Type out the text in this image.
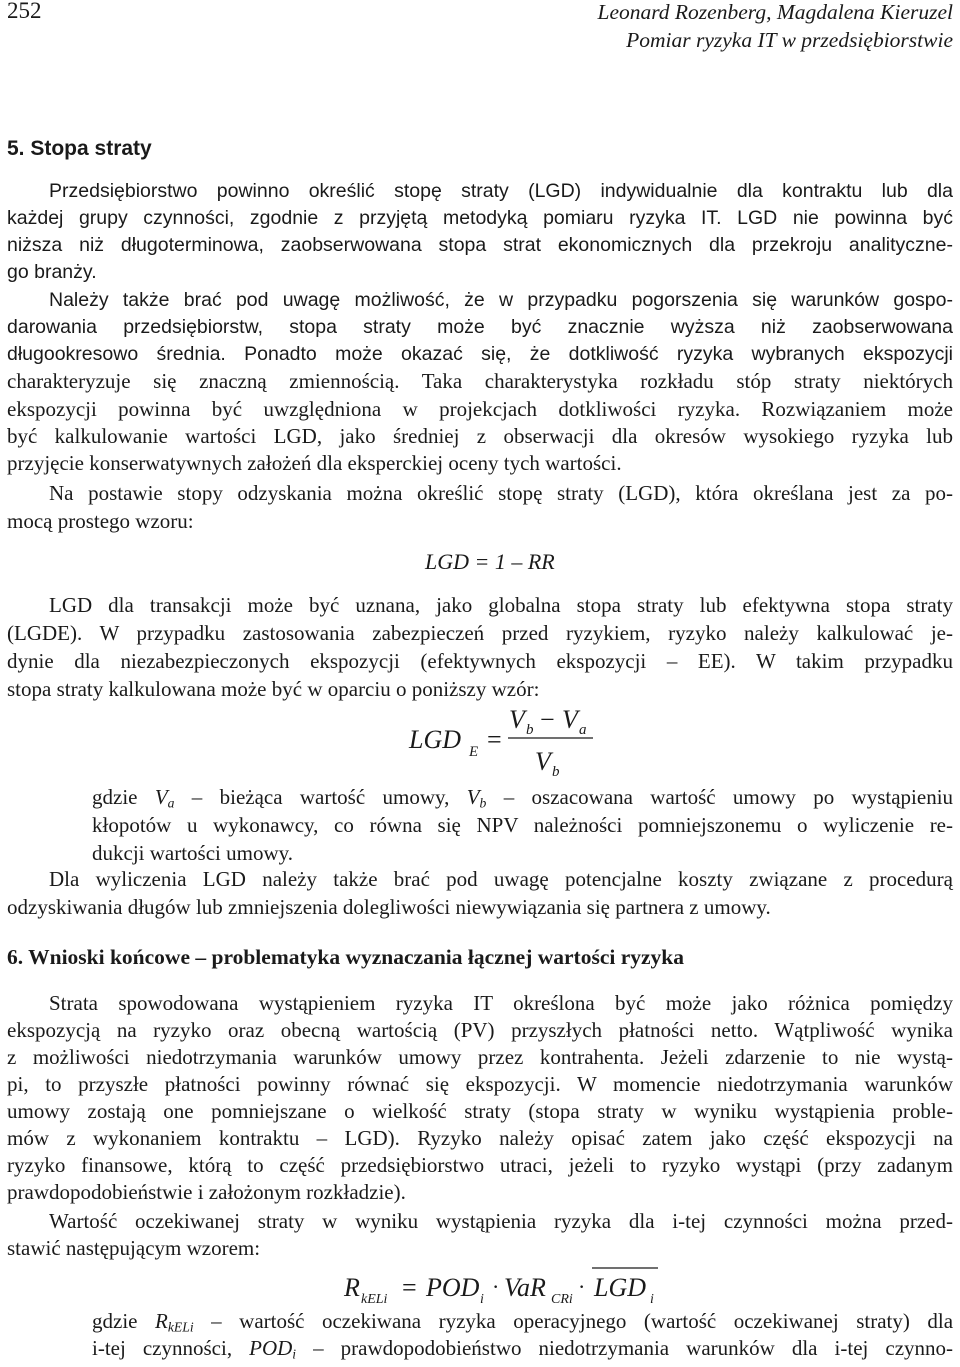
252	Leonard Rozenberg, Magdalena Kieruzel
Pomiar ryzyka IT w przedsiębiorstwie
5. Stopa straty
Przedsiębiorstwo powinno określić stopę straty (LGD) indywidualnie dla kontraktu lub dla
każdej grupy czynności, zgodnie z przyjętą metodyką pomiaru ryzyka IT. LGD nie powinna być
niższa niż długoterminowa, zaobserwowana stopa strat ekonomicznych dla przekroju analityczne-
go branży.
Należy także brać pod uwagę możliwość, że w przypadku pogorszenia się warunków gospo-
darowania przedsiębiorstw, stopa straty może być znacznie wyższa niż zaobserwowana
długookresowo średnia. Ponadto może okazać się, że dotkliwość ryzyka wybranych ekspozycji
charakteryzuje się znaczną zmiennością. Taka charakterystyka rozkładu stóp straty niektórych
ekspozycji powinna być uwzględniona w projekcjach dotkliwości ryzyka. Rozwiązaniem może
być kalkulowanie wartości LGD, jako średniej z obserwacji dla okresów wysokiego ryzyka lub
przyjęcie konserwatywnych założeń dla eksperckiej oceny tych wartości.
Na postawie stopy odzyskania można określić stopę straty (LGD), która określana jest za po-
mocą prostego wzoru:
LGD = 1 – RR
LGD dla transakcji może być uznana, jako globalna stopa straty lub efektywna stopa straty
(LGDE). W przypadku zastosowania zabezpieczeń przed ryzykiem, ryzyko należy kalkulować je-
dynie dla niezabezpieczonych ekspozycji (efektywnych ekspozycji – EE). W takim przypadku
stopa straty kalkulowana może być w oparciu o poniższy wzór:
LGD E =
V b − V a
V b
gdzie $V_a$ – bieżąca wartość umowy, $V_b$ – oszacowana wartość umowy po wystąpieniu
kłopotów u wykonawcy, co równa się NPV należności pomniejszonemu o wyliczenie re-
dukcji wartości umowy.
Dla wyliczenia LGD należy także brać pod uwagę potencjalne koszty związane z procedurą
odzyskiwania długów lub zmniejszenia dolegliwości niewywiązania się partnera z umowy.
6. Wnioski końcowe – problematyka wyznaczania łącznej wartości ryzyka
Strata spowodowana wystąpieniem ryzyka IT określona być może jako różnica pomiędzy
ekspozycją na ryzyko oraz obecną wartością (PV) przyszłych płatności netto. Wątpliwość wynika
z możliwości niedotrzymania warunków umowy przez kontrahenta. Jeżeli zdarzenie to nie wystą-
pi, to przyszłe płatności powinny równać się ekspozycji. W momencie niedotrzymania warunków
umowy zostają one pomniejszane o wielkość straty (stopa straty w wyniku wystąpienia proble-
mów z wykonaniem kontraktu – LGD). Ryzyko należy opisać zatem jako część ekspozycji na
ryzyko finansowe, którą to część przedsiębiorstwo utraci, jeżeli to ryzyko wystąpi (przy zadanym
prawdopodobieństwie i założonym rozkładzie).
Wartość oczekiwanej straty w wyniku wystąpienia ryzyka dla i-tej czynności można przed-
stawić następującym wzorem:
R kELi = POD i
· VaR CRi
· LGD i
gdzie $R_{kELi}$ – wartość oczekiwana ryzyka operacyjnego (wartość oczekiwanej straty) dla
i-tej czynności, $POD_i$ – prawdopodobieństwo niedotrzymania warunków dla i-tej czynno-
